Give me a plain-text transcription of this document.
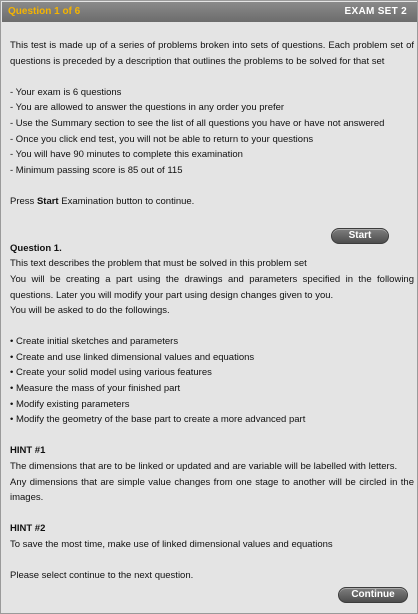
Question 1 of 6	EXAM SET 2

This test is made up of a series of problems broken into sets of questions. Each problem set of questions is preceded by a description that outlines the problems to be solved for that set

- Your exam is 6 questions

- You are allowed to answer the questions in any order you prefer

- Use the Summary section to see the list of all questions you have or have not answered

- Once you click end test, you will not be able to return to your questions

- You will have 90 minutes to complete this examination

- Minimum passing score is 85 out of 115

Press Start Examination button to continue.

Question 1.

This text describes the problem that must be solved in this problem set

You will be creating a part using the drawings and parameters specified in the following questions. Later you will modify your part using design changes given to you.

You will be asked to do the followings.

• Create initial sketches and parameters

• Create and use linked dimensional values and equations

• Create your solid model using various features

• Measure the mass of your finished part

• Modify existing parameters

• Modify the geometry of the base part to create a more advanced part

HINT #1

The dimensions that are to be linked or updated and are variable will be labelled with letters.

Any dimensions that are simple value changes from one stage to another will be circled in the images.

HINT #2

To save the most time, make use of linked dimensional values and equations

Please select continue to the next question.

Start
Continue
